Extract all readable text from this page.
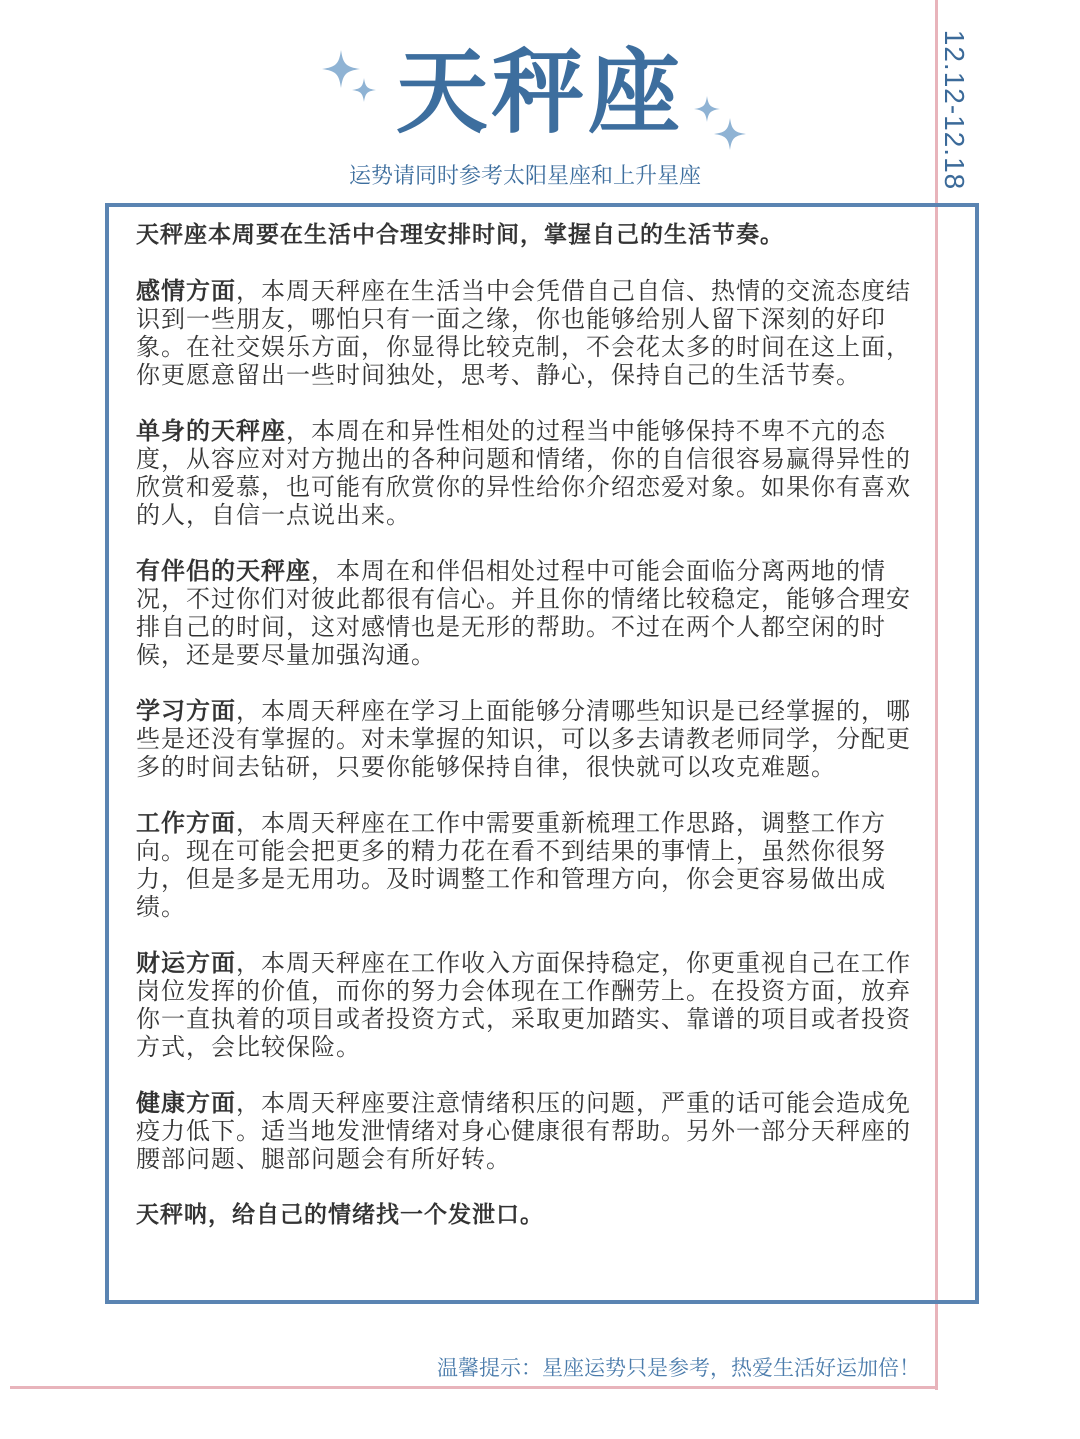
12.12-12.18
天秤座
运势请同时参考太阳星座和上升星座

天秤座本周要在生活中合理安排时间，掌握自己的生活节奏。

感情方面，本周天秤座在生活当中会凭借自己自信、热情的交流态度结识到一些朋友，哪怕只有一面之缘，你也能够给别人留下深刻的好印象。在社交娱乐方面，你显得比较克制，不会花太多的时间在这上面，你更愿意留出一些时间独处，思考、静心，保持自己的生活节奏。

单身的天秤座，本周在和异性相处的过程当中能够保持不卑不亢的态度，从容应对对方抛出的各种问题和情绪，你的自信很容易赢得异性的欣赏和爱慕，也可能有欣赏你的异性给你介绍恋爱对象。如果你有喜欢的人，自信一点说出来。

有伴侣的天秤座，本周在和伴侣相处过程中可能会面临分离两地的情况，不过你们对彼此都很有信心。并且你的情绪比较稳定，能够合理安排自己的时间，这对感情也是无形的帮助。不过在两个人都空闲的时候，还是要尽量加强沟通。

学习方面，本周天秤座在学习上面能够分清哪些知识是已经掌握的，哪些是还没有掌握的。对未掌握的知识，可以多去请教老师同学，分配更多的时间去钻研，只要你能够保持自律，很快就可以攻克难题。

工作方面，本周天秤座在工作中需要重新梳理工作思路，调整工作方向。现在可能会把更多的精力花在看不到结果的事情上，虽然你很努力，但是多是无用功。及时调整工作和管理方向，你会更容易做出成绩。

财运方面，本周天秤座在工作收入方面保持稳定，你更重视自己在工作岗位发挥的价值，而你的努力会体现在工作酬劳上。在投资方面，放弃你一直执着的项目或者投资方式，采取更加踏实、靠谱的项目或者投资方式，会比较保险。

健康方面，本周天秤座要注意情绪积压的问题，严重的话可能会造成免疫力低下。适当地发泄情绪对身心健康很有帮助。另外一部分天秤座的腰部问题、腿部问题会有所好转。

天秤呐，给自己的情绪找一个发泄口。

温馨提示：星座运势只是参考，热爱生活好运加倍！
